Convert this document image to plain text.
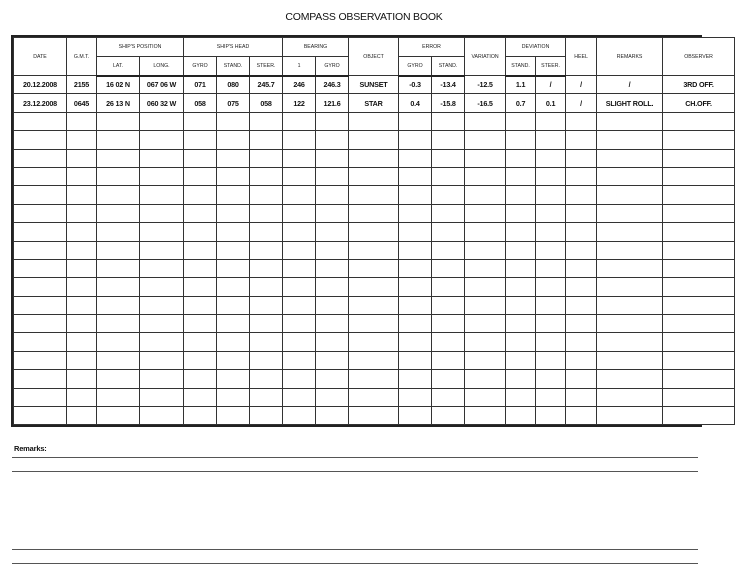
COMPASS OBSERVATION BOOK
DATE	G.M.T.	SHIP'S POSITION		SHIP'S HEAD			BEARING		OBJECT	ERROR		VARIATION	DEVIATION		HEEL	REMARKS	OBSERVER
		LAT.	LONG.	GYRO	STAND.	STEER.	1	GYRO		GYRO	STAND.		STAND.	STEER.			
20.12.2008	2155	16 02 N	067 06 W	071	080	245.7	246	246.3	SUNSET	-0.3	-13.4	-12.5	1.1	/	/	/	3RD OFF.
23.12.2008	0645	26 13 N	060 32 W	058	075	058	122	121.6	STAR	0.4	-15.8	-16.5	0.7	0.1	/	SLIGHT ROLL.	CH.OFF.

Remarks:
